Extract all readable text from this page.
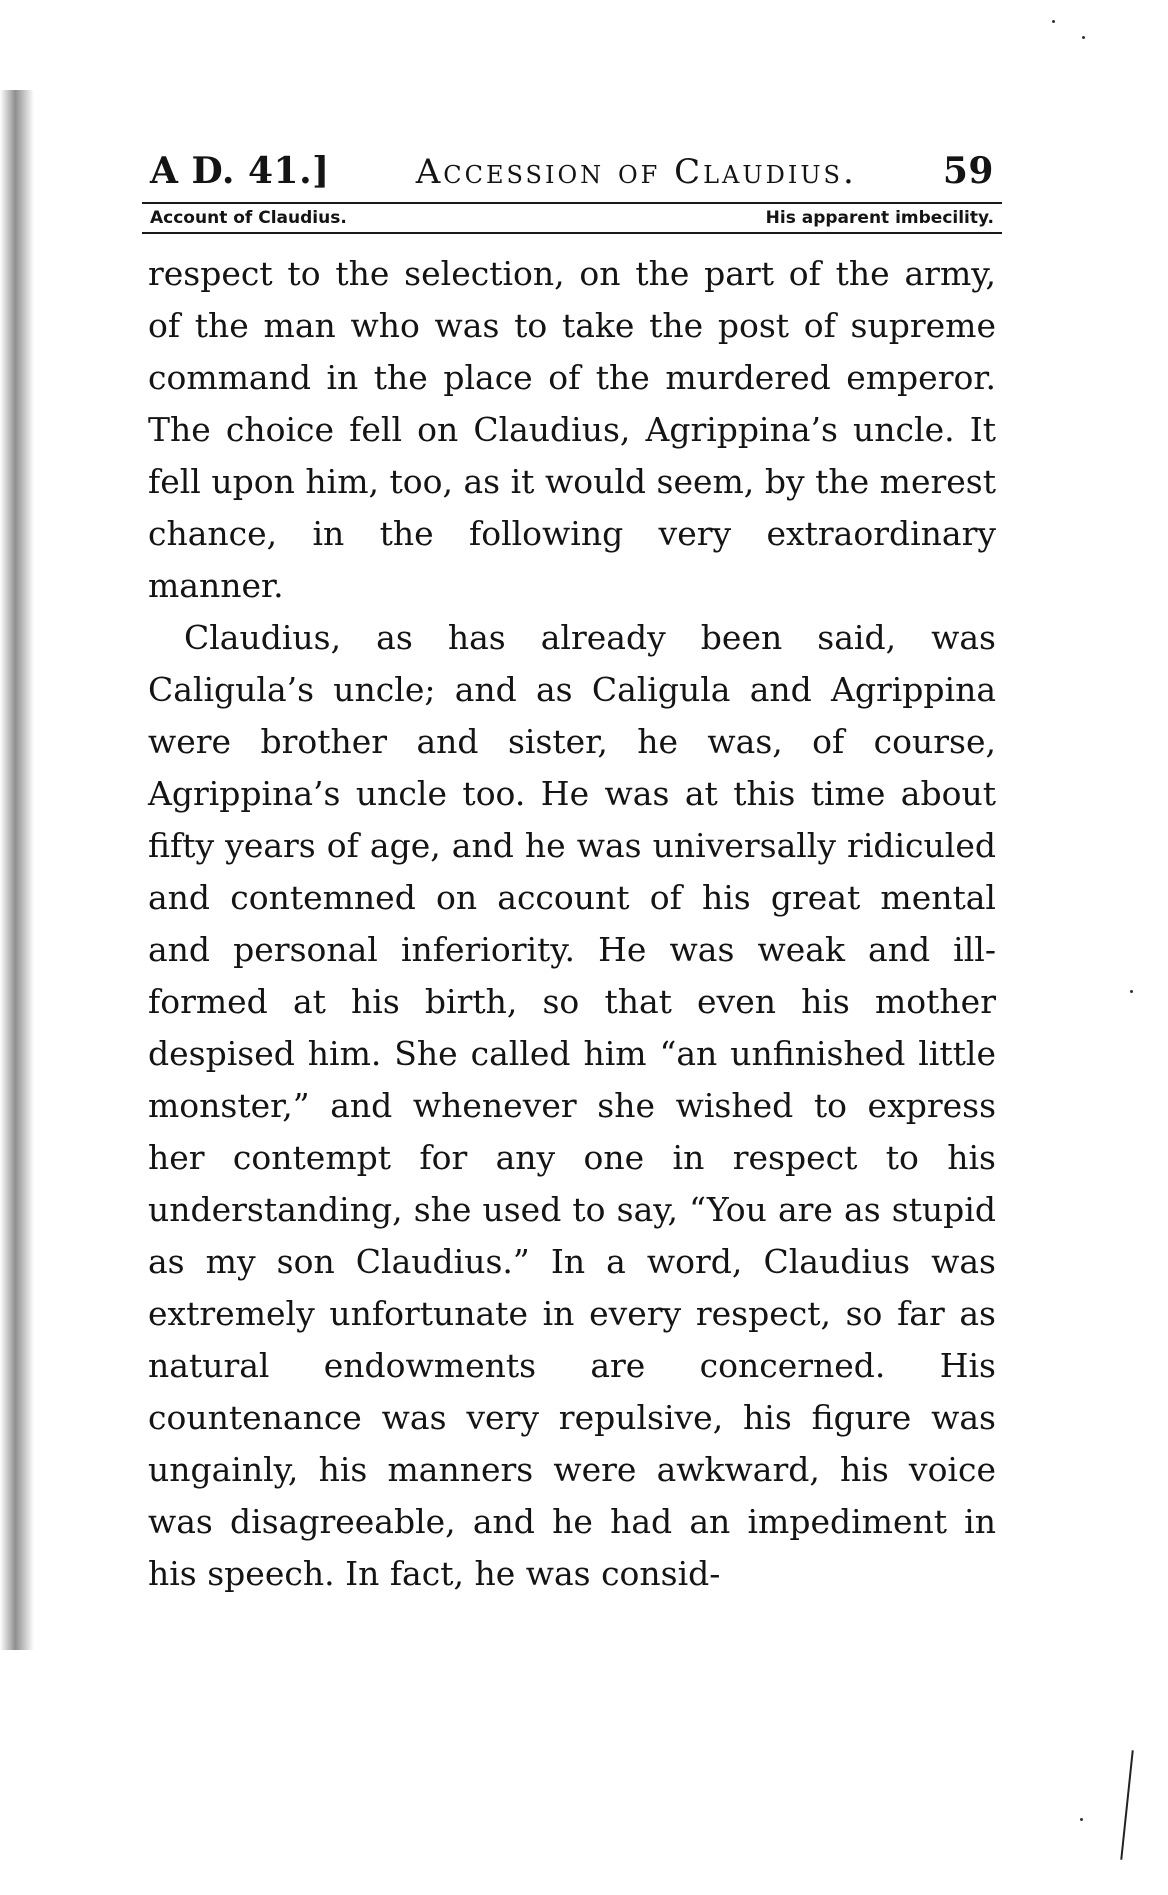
A D. 41.]	Accession of Claudius. 59
Account of Claudius.	His apparent imbecility.

respect to the selection, on the part of the army, of the man who was to take the post of supreme command in the place of the murdered emperor. The choice fell on Claudius, Agrippina’s uncle. It fell upon him, too, as it would seem, by the merest chance, in the following very extraordinary manner.

Claudius, as has already been said, was Caligula’s uncle; and as Caligula and Agrippina were brother and sister, he was, of course, Agrippina’s uncle too. He was at this time about fifty years of age, and he was universally ridiculed and contemned on account of his great mental and personal inferiority. He was weak and ill-formed at his birth, so that even his mother despised him. She called him “an unfinished little monster,” and whenever she wished to express her contempt for any one in respect to his understanding, she used to say, “You are as stupid as my son Claudius.” In a word, Claudius was extremely unfortunate in every respect, so far as natural endowments are concerned. His countenance was very repulsive, his figure was ungainly, his manners were awkward, his voice was disagreeable, and he had an impediment in his speech. In fact, he was consid-
